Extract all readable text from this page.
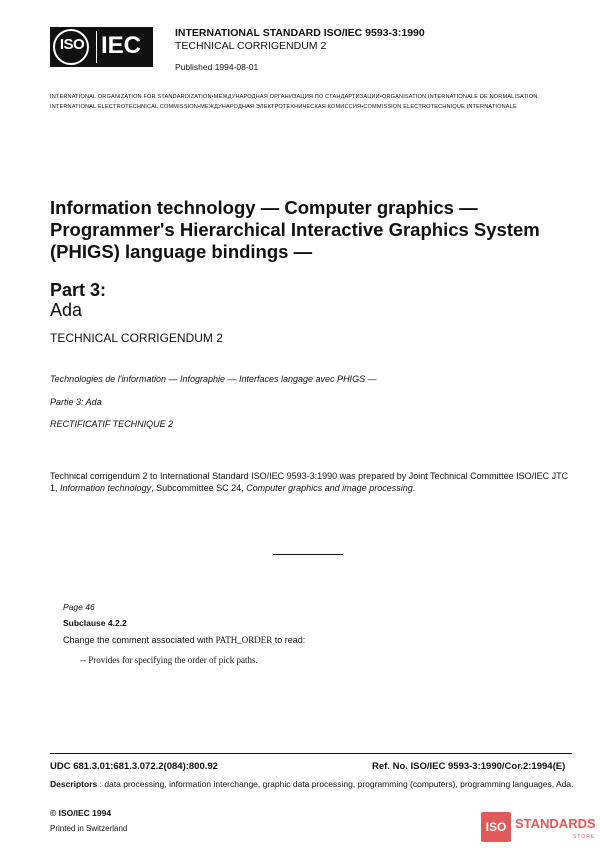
ISO IEC	INTERNATIONAL STANDARD ISO/IEC 9593-3:1990
TECHNICAL CORRIGENDUM 2
Published 1994-08-01
INTERNATIONAL ORGANIZATION FOR STANDARDIZATION•МЕЖДУНАРОДНАЯ ОРГАНИЗАЦИЯ ПО СТАНДАРТИЗАЦИИ•ORGANISATION INTERNATIONALE DE NORMALISATION
INTERNATIONAL ELECTROTECHNICAL COMMISSION•МЕЖДУНАРОДНАЯ ЭЛЕКТРОТЕХНИЧЕСКАЯ КОМИССИЯ•COMMISSION ELECTROTECHNIQUE INTERNATIONALE
Information technology — Computer graphics —
Programmer's Hierarchical Interactive Graphics System
(PHIGS) language bindings —
Part 3:
Ada
TECHNICAL CORRIGENDUM 2
Technologies de l'information — Infographie — Interfaces langage avec PHIGS —
Partie 3: Ada
RECTIFICATIF TECHNIQUE 2
Technical corrigendum 2 to International Standard ISO/IEC 9593-3:1990 was prepared by Joint Technical Committee ISO/IEC JTC 1, Information technology, Subcommittee SC 24, Computer graphics and image processing.
Page 46
Subclause 4.2.2
Change the comment associated with PATH_ORDER to read:
-- Provides for specifying the order of pick paths.
UDC 681.3.01:681.3.072.2(084):800.92	Ref. No. ISO/IEC 9593-3:1990/Cor.2:1994(E)
Descriptors : data processing, information interchange, graphic data processing, programming (computers), programming languages, Ada.
© ISO/IEC 1994
Printed in Switzerland	ISO STANDARDS
STORE
